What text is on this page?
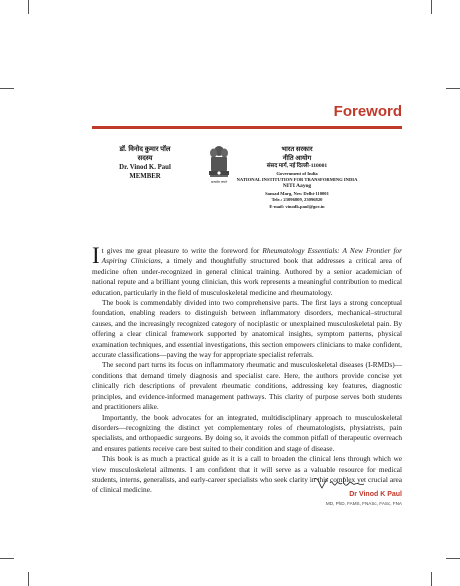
Foreword
डॉ. विनोद कुमार पॉल
सदस्य
Dr. Vinod K. Paul
MEMBER
सत्यमेव जयते
भारत सरकार
नीति आयोग
संसद मार्ग, नई दिल्ली-110001
Government of India
NATIONAL INSTITUTION FOR TRANSFORMING INDIA
NITI Aayog
Sansad Marg, New Delhi-110001
Tele.: 23096809, 23096820
E-mail: vinodk.paul@gov.in

It gives me great pleasure to write the foreword for Rheumatology Essentials: A New Frontier for Aspiring Clinicians, a timely and thoughtfully structured book that addresses a critical area of medicine often under-recognized in general clinical training. Authored by a senior academician of national repute and a brilliant young clinician, this work represents a meaningful contribution to medical education, particularly in the field of musculoskeletal medicine and rheumatology.

The book is commendably divided into two comprehensive parts. The first lays a strong conceptual foundation, enabling readers to distinguish between inflammatory disorders, mechanical–structural causes, and the increasingly recognized category of nociplastic or unexplained musculoskeletal pain. By offering a clear clinical framework supported by anatomical insights, symptom patterns, physical examination techniques, and essential investigations, this section empowers clinicians to make confident, accurate classifications—paving the way for appropriate specialist referrals.

The second part turns its focus on inflammatory rheumatic and musculoskeletal diseases (I-RMDs)—conditions that demand timely diagnosis and specialist care. Here, the authors provide concise yet clinically rich descriptions of prevalent rheumatic conditions, addressing key features, diagnostic principles, and evidence-informed management pathways. This clarity of purpose serves both students and practitioners alike.

Importantly, the book advocates for an integrated, multidisciplinary approach to musculoskeletal disorders—recognizing the distinct yet complementary roles of rheumatologists, physiatrists, pain specialists, and orthopaedic surgeons. By doing so, it avoids the common pitfall of therapeutic overreach and ensures patients receive care best suited to their condition and stage of disease.

This book is as much a practical guide as it is a call to broaden the clinical lens through which we view musculoskeletal ailments. I am confident that it will serve as a valuable resource for medical students, interns, generalists, and early-career specialists who seek clarity in this complex yet crucial area of clinical medicine.

Dr Vinod K Paul
MD, PhD, FAMS, FNASc, FASc, FNA
